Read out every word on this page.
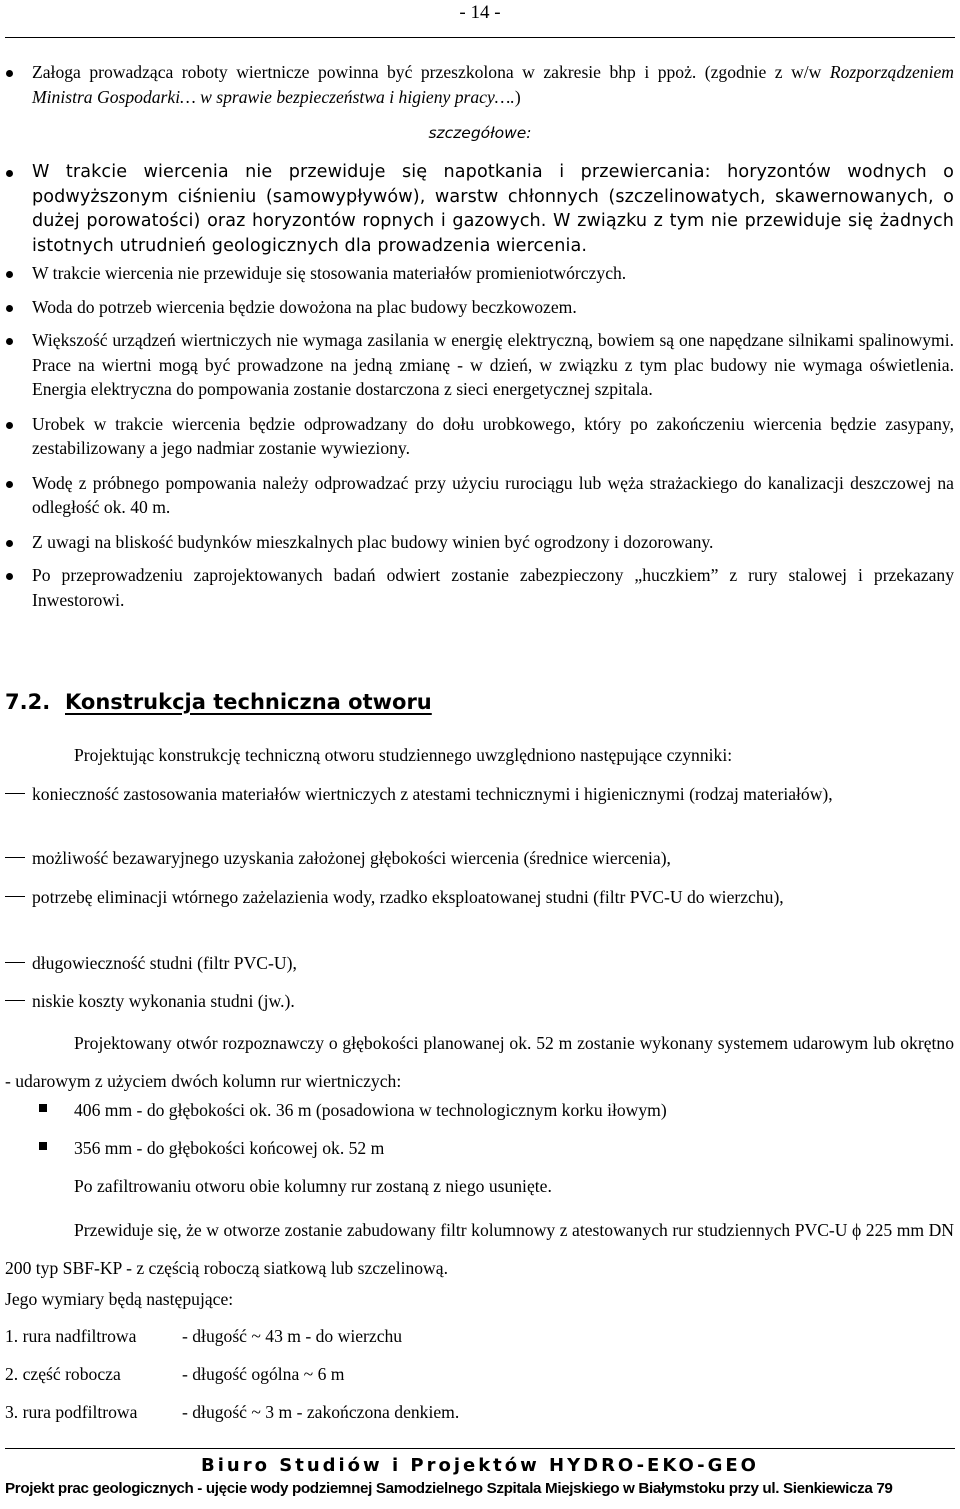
- 14 -
Załoga prowadząca roboty wiertnicze powinna być przeszkolona w zakresie bhp i ppoż. (zgodnie z w/w Rozporządzeniem Ministra Gospodarki… w sprawie bezpieczeństwa i higieny pracy….)
szczegółowe:
W trakcie wiercenia nie przewiduje się napotkania i przewiercania: horyzontów wodnych o podwyższonym ciśnieniu (samowypływów), warstw chłonnych (szczelinowatych, skawernowanych, o dużej porowatości) oraz horyzontów ropnych i gazowych. W związku z tym nie przewiduje się żadnych istotnych utrudnień geologicznych dla prowadzenia wiercenia.
W trakcie wiercenia nie przewiduje się stosowania materiałów promieniotwórczych.
Woda do potrzeb wiercenia będzie dowożona na plac budowy beczkowozem.
Większość urządzeń wiertniczych nie wymaga zasilania w energię elektryczną, bowiem są one napędzane silnikami spalinowymi. Prace na wiertni mogą być prowadzone na jedną zmianę - w dzień, w związku z tym plac budowy nie wymaga oświetlenia. Energia elektryczna do pompowania zostanie dostarczona z sieci energetycznej szpitala.
Urobek w trakcie wiercenia będzie odprowadzany do dołu urobkowego, który po zakończeniu wiercenia będzie zasypany, zestabilizowany a jego nadmiar zostanie wywieziony.
Wodę z próbnego pompowania należy odprowadzać przy użyciu rurociągu lub węża strażackiego do kanalizacji deszczowej na odległość ok. 40 m.
Z uwagi na bliskość budynków mieszkalnych plac budowy winien być ogrodzony i dozorowany.
Po przeprowadzeniu zaprojektowanych badań odwiert zostanie zabezpieczony „huczkiem” z rury stalowej i przekazany Inwestorowi.
7.2. Konstrukcja techniczna otworu
Projektując konstrukcję techniczną otworu studziennego uwzględniono następujące czynniki:
konieczność zastosowania materiałów wiertniczych z atestami technicznymi i higienicznymi (rodzaj materiałów),
możliwość bezawaryjnego uzyskania założonej głębokości wiercenia (średnice wiercenia),
potrzebę eliminacji wtórnego zażelazienia wody, rzadko eksploatowanej studni (filtr PVC-U do wierzchu),
długowieczność studni (filtr PVC-U),
niskie koszty wykonania studni (jw.).
Projektowany otwór rozpoznawczy o głębokości planowanej ok. 52 m zostanie wykonany systemem udarowym lub okrętno - udarowym z użyciem dwóch kolumn rur wiertniczych:
406 mm - do głębokości ok. 36 m (posadowiona w technologicznym korku iłowym)
356 mm - do głębokości końcowej ok. 52 m
Po zafiltrowaniu otworu obie kolumny rur zostaną z niego usunięte.
Przewiduje się, że w otworze zostanie zabudowany filtr kolumnowy z atestowanych rur studziennych PVC-U ϕ 225 mm DN 200 typ SBF-KP - z częścią roboczą siatkową lub szczelinową.
Jego wymiary będą następujące:
1. rura nadfiltrowa	- długość ~ 43 m - do wierzchu
2. część robocza	- długość ogólna ~ 6 m
3. rura podfiltrowa	- długość ~ 3 m - zakończona denkiem.
Biuro Studiów i Projektów HYDRO-EKO-GEO
Projekt prac geologicznych - ujęcie wody podziemnej Samodzielnego Szpitala Miejskiego w Białymstoku przy ul. Sienkiewicza 79
